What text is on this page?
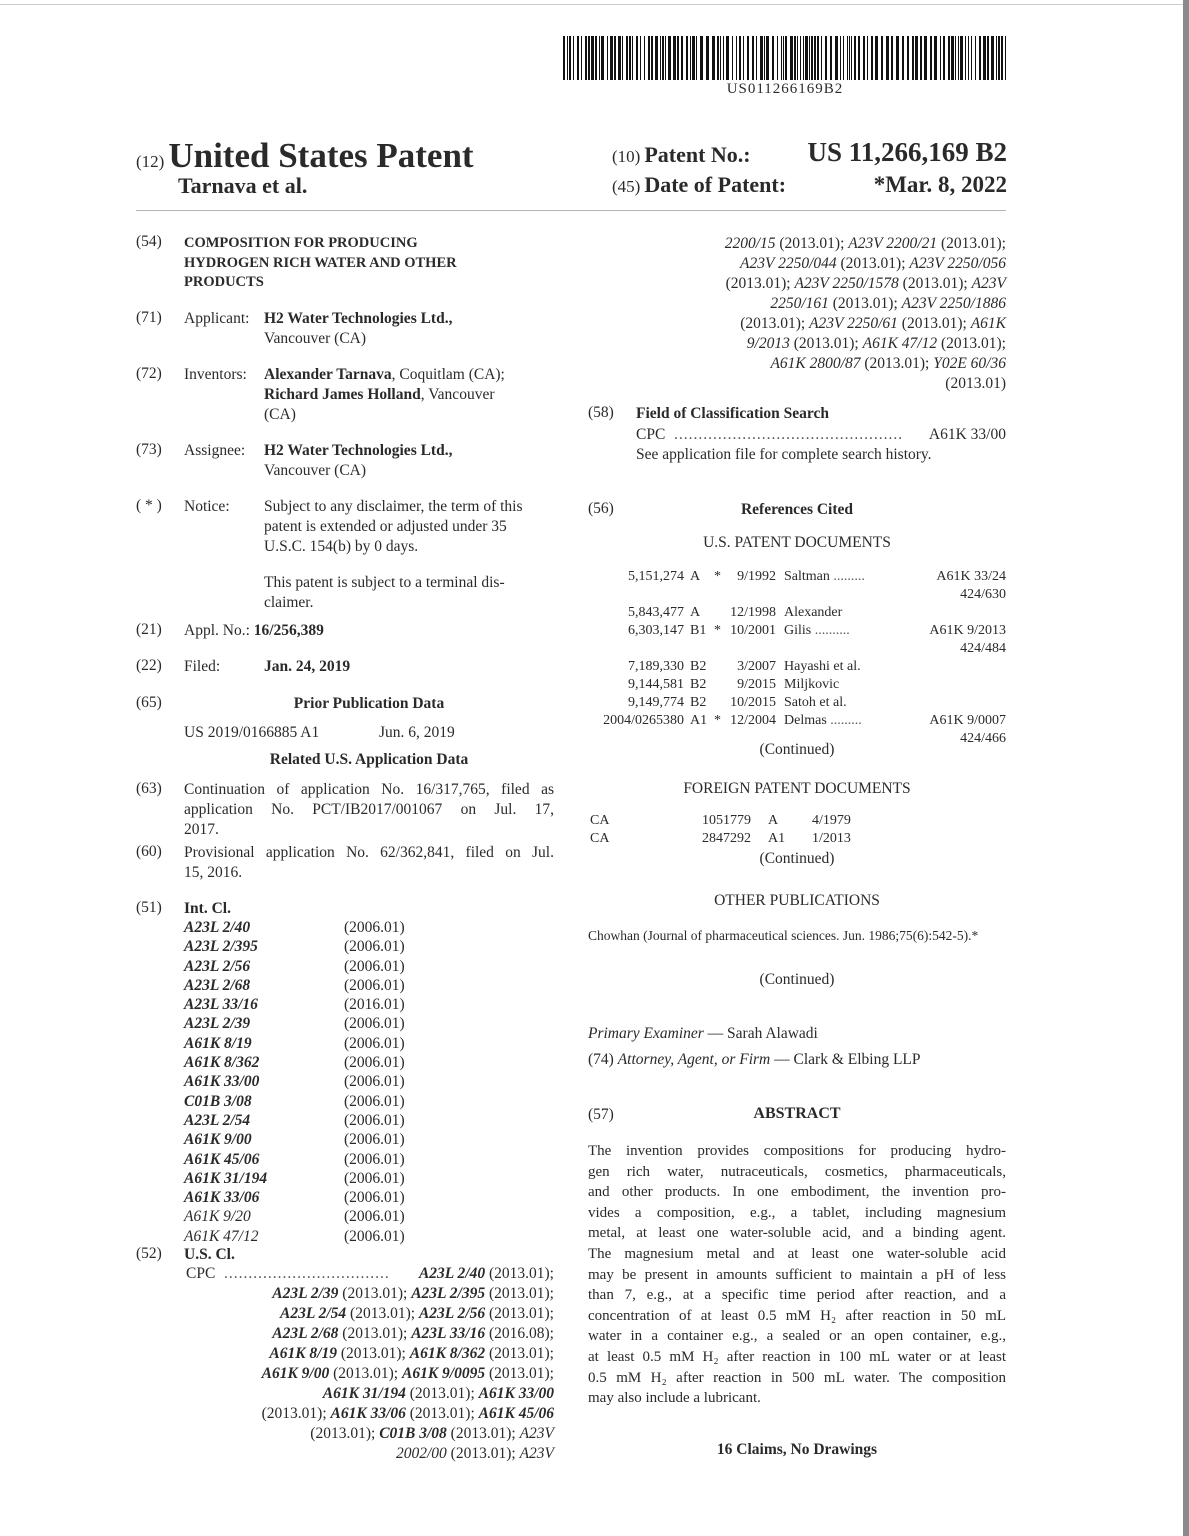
US011266169B2
(12) United States Patent
Tarnava et al.
(10) Patent No.: US 11,266,169 B2
(45) Date of Patent:	*Mar. 8, 2022
(54)	COMPOSITION FOR PRODUCING
HYDROGEN RICH WATER AND OTHER
PRODUCTS
(71)	Applicant: H2 Water Technologies Ltd.,
Vancouver (CA)
(72)	Inventors: Alexander Tarnava, Coquitlam (CA);
Richard James Holland, Vancouver
(CA)
(73)	Assignee: H2 Water Technologies Ltd.,
Vancouver (CA)
( * )	Notice: Subject to any disclaimer, the term of this
patent is extended or adjusted under 35
U.S.C. 154(b) by 0 days.
This patent is subject to a terminal dis-
claimer.
(21)	Appl. No.: 16/256,389
(22)	Filed:	Jan. 24, 2019
(65)	Prior Publication Data
US 2019/0166885 A1	Jun. 6, 2019
Related U.S. Application Data
(63)	Continuation of application No. 16/317,765, filed as
application No. PCT/IB2017/001067 on Jul. 17,
2017.
(60)	Provisional application No. 62/362,841, filed on Jul.
15, 2016.
(51)	Int. Cl.
A23L 2/40	(2006.01)
A23L 2/395	(2006.01)
A23L 2/56	(2006.01)
A23L 2/68	(2006.01)
A23L 33/16	(2016.01)
A23L 2/39	(2006.01)
A61K 8/19	(2006.01)
A61K 8/362	(2006.01)
A61K 33/00	(2006.01)
C01B 3/08	(2006.01)
A23L 2/54	(2006.01)
A61K 9/00	(2006.01)
A61K 45/06	(2006.01)
A61K 31/194	(2006.01)
A61K 33/06	(2006.01)
A61K 9/20	(2006.01)
A61K 47/12	(2006.01)
(52)	U.S. Cl.
CPC .................................. A23L 2/40 (2013.01);
A23L 2/39 (2013.01); A23L 2/395 (2013.01);
A23L 2/54 (2013.01); A23L 2/56 (2013.01);
A23L 2/68 (2013.01); A23L 33/16 (2016.08);
A61K 8/19 (2013.01); A61K 8/362 (2013.01);
A61K 9/00 (2013.01); A61K 9/0095 (2013.01);
A61K 31/194 (2013.01); A61K 33/00
(2013.01); A61K 33/06 (2013.01); A61K 45/06
(2013.01); C01B 3/08 (2013.01); A23V
2002/00 (2013.01); A23V
2200/15 (2013.01); A23V 2200/21 (2013.01);
A23V 2250/044 (2013.01); A23V 2250/056
(2013.01); A23V 2250/1578 (2013.01); A23V
2250/161 (2013.01); A23V 2250/1886
(2013.01); A23V 2250/61 (2013.01); A61K
9/2013 (2013.01); A61K 47/12 (2013.01);
A61K 2800/87 (2013.01); Y02E 60/36
(2013.01)
(58)	Field of Classification Search
CPC ............................................... A61K 33/00
See application file for complete search history.
(56)	References Cited
U.S. PATENT DOCUMENTS
5,151,274	A	*	9/1992	Saltman ......... A61K 33/24
424/630

5,843,477	A		12/1998	Alexander

6,303,147	B1	*	10/2001	Gilis .......... A61K 9/2013
424/484

7,189,330	B2		3/2007	Hayashi et al.

9,144,581	B2		9/2015	Miljkovic

9,149,774	B2		10/2015	Satoh et al.

2004/0265380	A1	*	12/2004	Delmas ......... A61K 9/0007
424/466
(Continued)
FOREIGN PATENT DOCUMENTS
CA	1051779	A	4/1979
CA	2847292	A1	1/2013
(Continued)
OTHER PUBLICATIONS
Chowhan (Journal of pharmaceutical sciences. Jun. 1986;75(6):542-5).*
(Continued)
Primary Examiner — Sarah Alawadi
(74) Attorney, Agent, or Firm — Clark & Elbing LLP
(57)	ABSTRACT
The invention provides compositions for producing hydro-
gen rich water, nutraceuticals, cosmetics, pharmaceuticals,
and other products. In one embodiment, the invention pro-
vides a composition, e.g., a tablet, including magnesium
metal, at least one water-soluble acid, and a binding agent.
The magnesium metal and at least one water-soluble acid
may be present in amounts sufficient to maintain a pH of less
than 7, e.g., at a specific time period after reaction, and a
concentration of at least 0.5 mM H₂ after reaction in 50 mL
water in a container e.g., a sealed or an open container, e.g.,
at least 0.5 mM H₂ after reaction in 100 mL water or at least
0.5 mM H₂ after reaction in 500 mL water. The composition
may also include a lubricant.
16 Claims, No Drawings
